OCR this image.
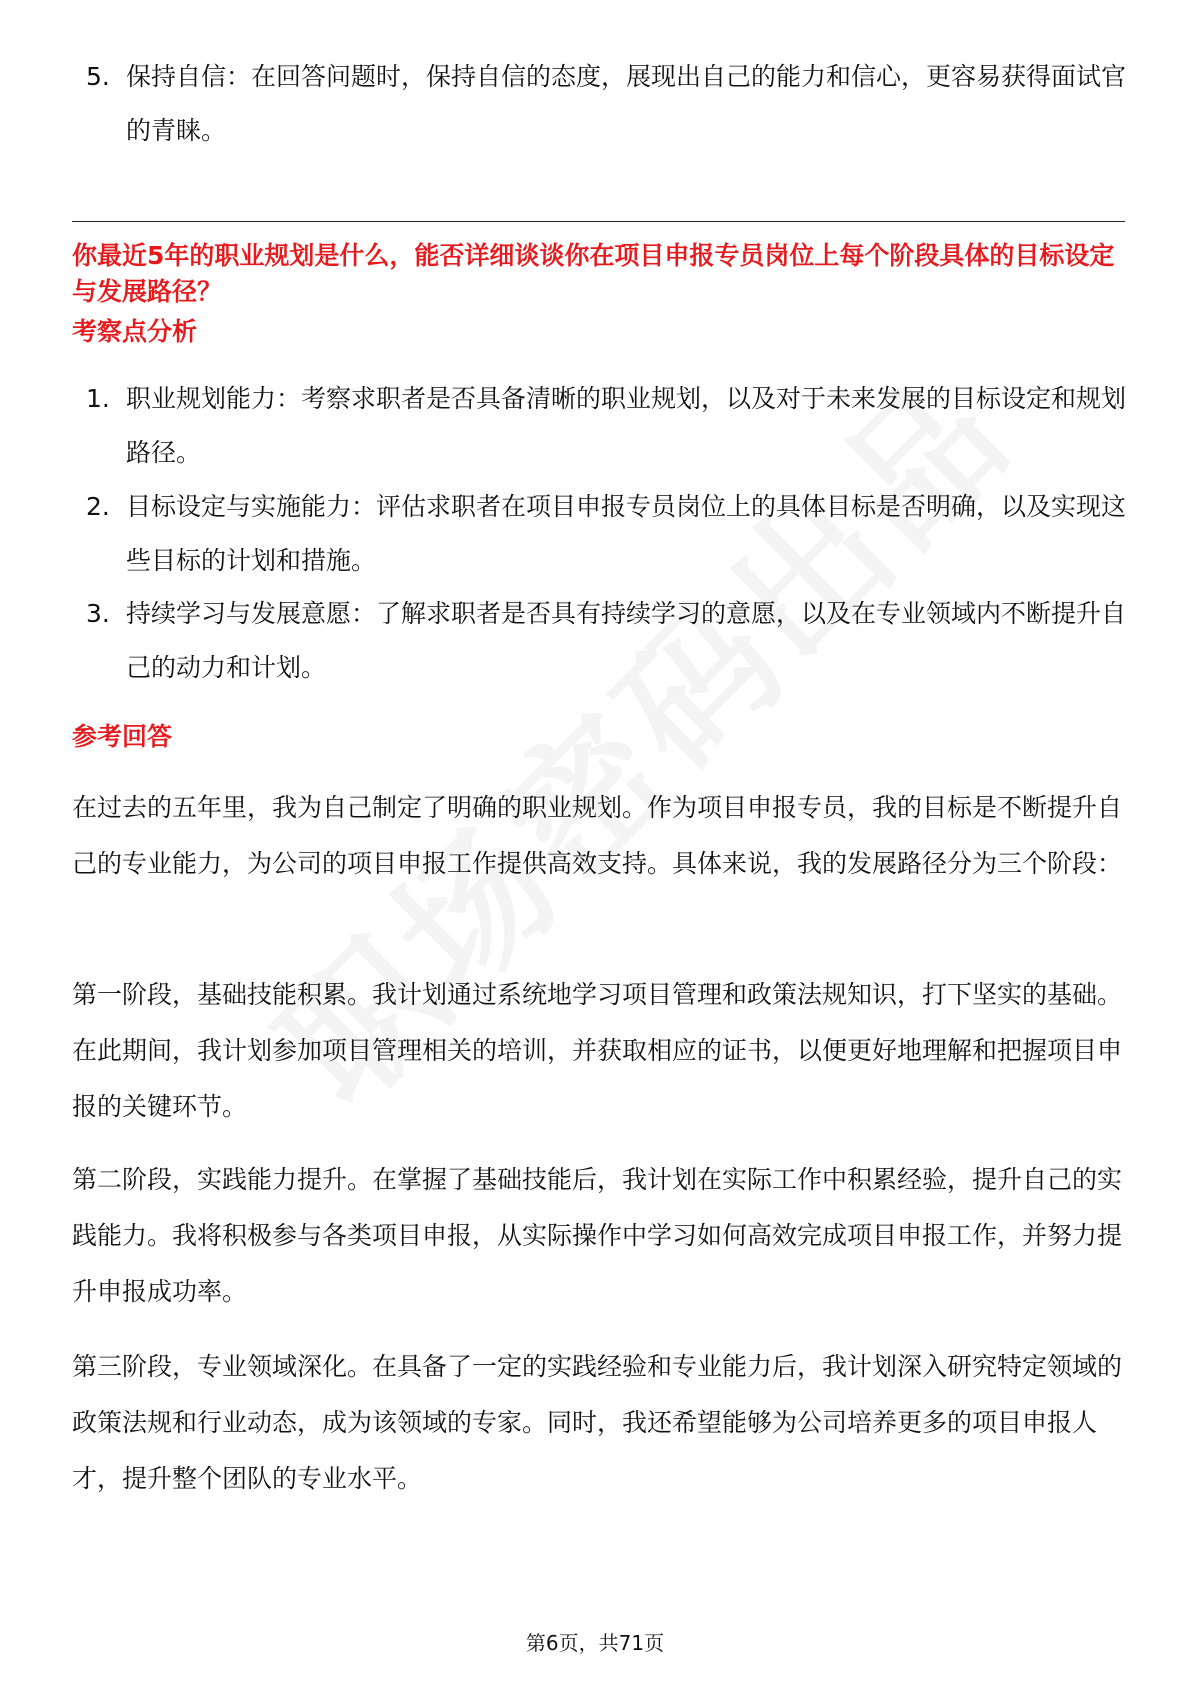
5. 保持自信：在回答问题时，保持自信的态度，展现出自己的能力和信心，更容易获得面试官的青睐。
你最近5年的职业规划是什么，能否详细谈谈你在项目申报专员岗位上每个阶段具体的目标设定与发展路径？
考察点分析
1. 职业规划能力：考察求职者是否具备清晰的职业规划，以及对于未来发展的目标设定和规划路径。
2. 目标设定与实施能力：评估求职者在项目申报专员岗位上的具体目标是否明确，以及实现这些目标的计划和措施。
3. 持续学习与发展意愿：了解求职者是否具有持续学习的意愿，以及在专业领域内不断提升自己的动力和计划。
参考回答
在过去的五年里，我为自己制定了明确的职业规划。作为项目申报专员，我的目标是不断提升自己的专业能力，为公司的项目申报工作提供高效支持。具体来说，我的发展路径分为三个阶段：
第一阶段，基础技能积累。我计划通过系统地学习项目管理和政策法规知识，打下坚实的基础。在此期间，我计划参加项目管理相关的培训，并获取相应的证书，以便更好地理解和把握项目申报的关键环节。
第二阶段，实践能力提升。在掌握了基础技能后，我计划在实际工作中积累经验，提升自己的实践能力。我将积极参与各类项目申报，从实际操作中学习如何高效完成项目申报工作，并努力提升申报成功率。
第三阶段，专业领域深化。在具备了一定的实践经验和专业能力后，我计划深入研究特定领域的政策法规和行业动态，成为该领域的专家。同时，我还希望能够为公司培养更多的项目申报人才，提升整个团队的专业水平。
第6页，共71页
